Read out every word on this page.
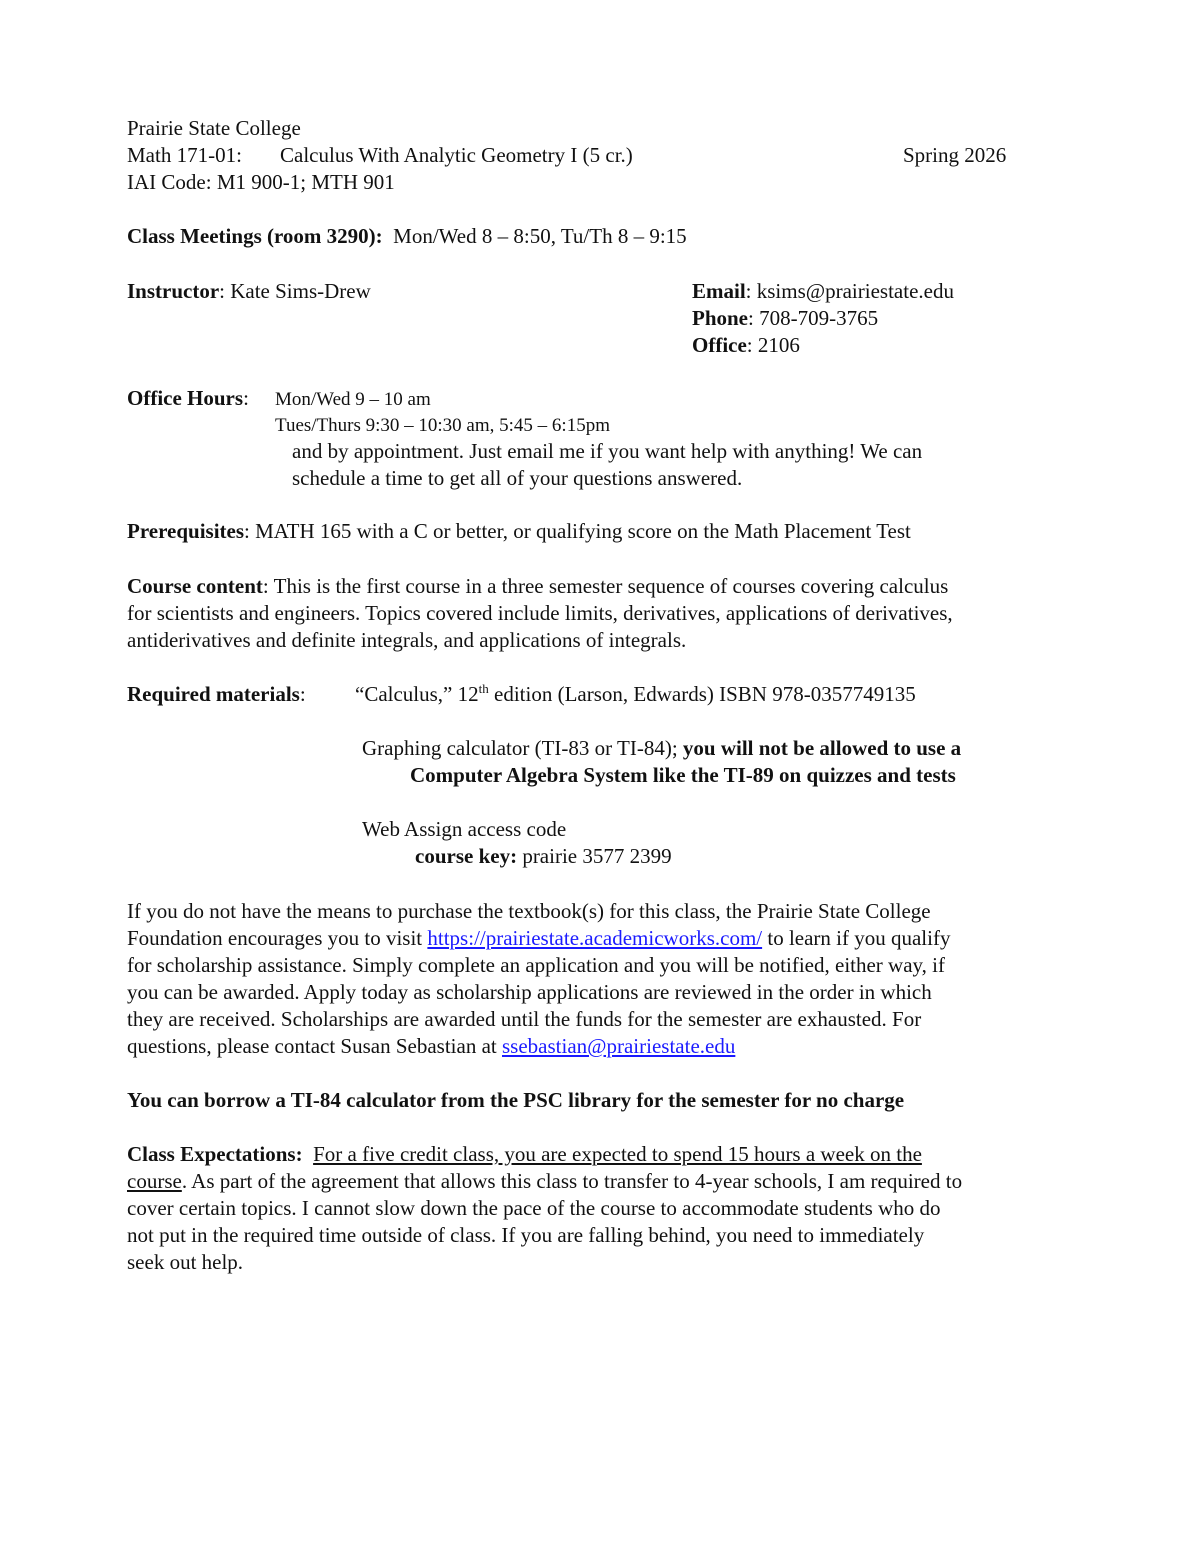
Prairie State College
Math 171-01: Calculus With Analytic Geometry I (5 cr.)	Spring 2026
IAI Code: M1 900-1; MTH 901
Class Meetings (room 3290): Mon/Wed 8 – 8:50, Tu/Th 8 – 9:15
Instructor: Kate Sims-Drew	Email: ksims@prairiestate.edu
Phone: 708-709-3765
Office: 2106
Office Hours: Mon/Wed 9 – 10 am
Tues/Thurs 9:30 – 10:30 am, 5:45 – 6:15pm
and by appointment. Just email me if you want help with anything! We can
schedule a time to get all of your questions answered.
Prerequisites: MATH 165 with a C or better, or qualifying score on the Math Placement Test
Course content: This is the first course in a three semester sequence of courses covering calculus
for scientists and engineers. Topics covered include limits, derivatives, applications of derivatives,
antiderivatives and definite integrals, and applications of integrals.
Required materials: “Calculus,” 12th edition (Larson, Edwards) ISBN 978-0357749135
Graphing calculator (TI-83 or TI-84); you will not be allowed to use a
Computer Algebra System like the TI-89 on quizzes and tests
Web Assign access code
course key: prairie 3577 2399
If you do not have the means to purchase the textbook(s) for this class, the Prairie State College
Foundation encourages you to visit https://prairiestate.academicworks.com/ to learn if you qualify
for scholarship assistance. Simply complete an application and you will be notified, either way, if
you can be awarded. Apply today as scholarship applications are reviewed in the order in which
they are received. Scholarships are awarded until the funds for the semester are exhausted. For
questions, please contact Susan Sebastian at ssebastian@prairiestate.edu
You can borrow a TI-84 calculator from the PSC library for the semester for no charge
Class Expectations: For a five credit class, you are expected to spend 15 hours a week on the
course. As part of the agreement that allows this class to transfer to 4-year schools, I am required to
cover certain topics. I cannot slow down the pace of the course to accommodate students who do
not put in the required time outside of class. If you are falling behind, you need to immediately
seek out help.
